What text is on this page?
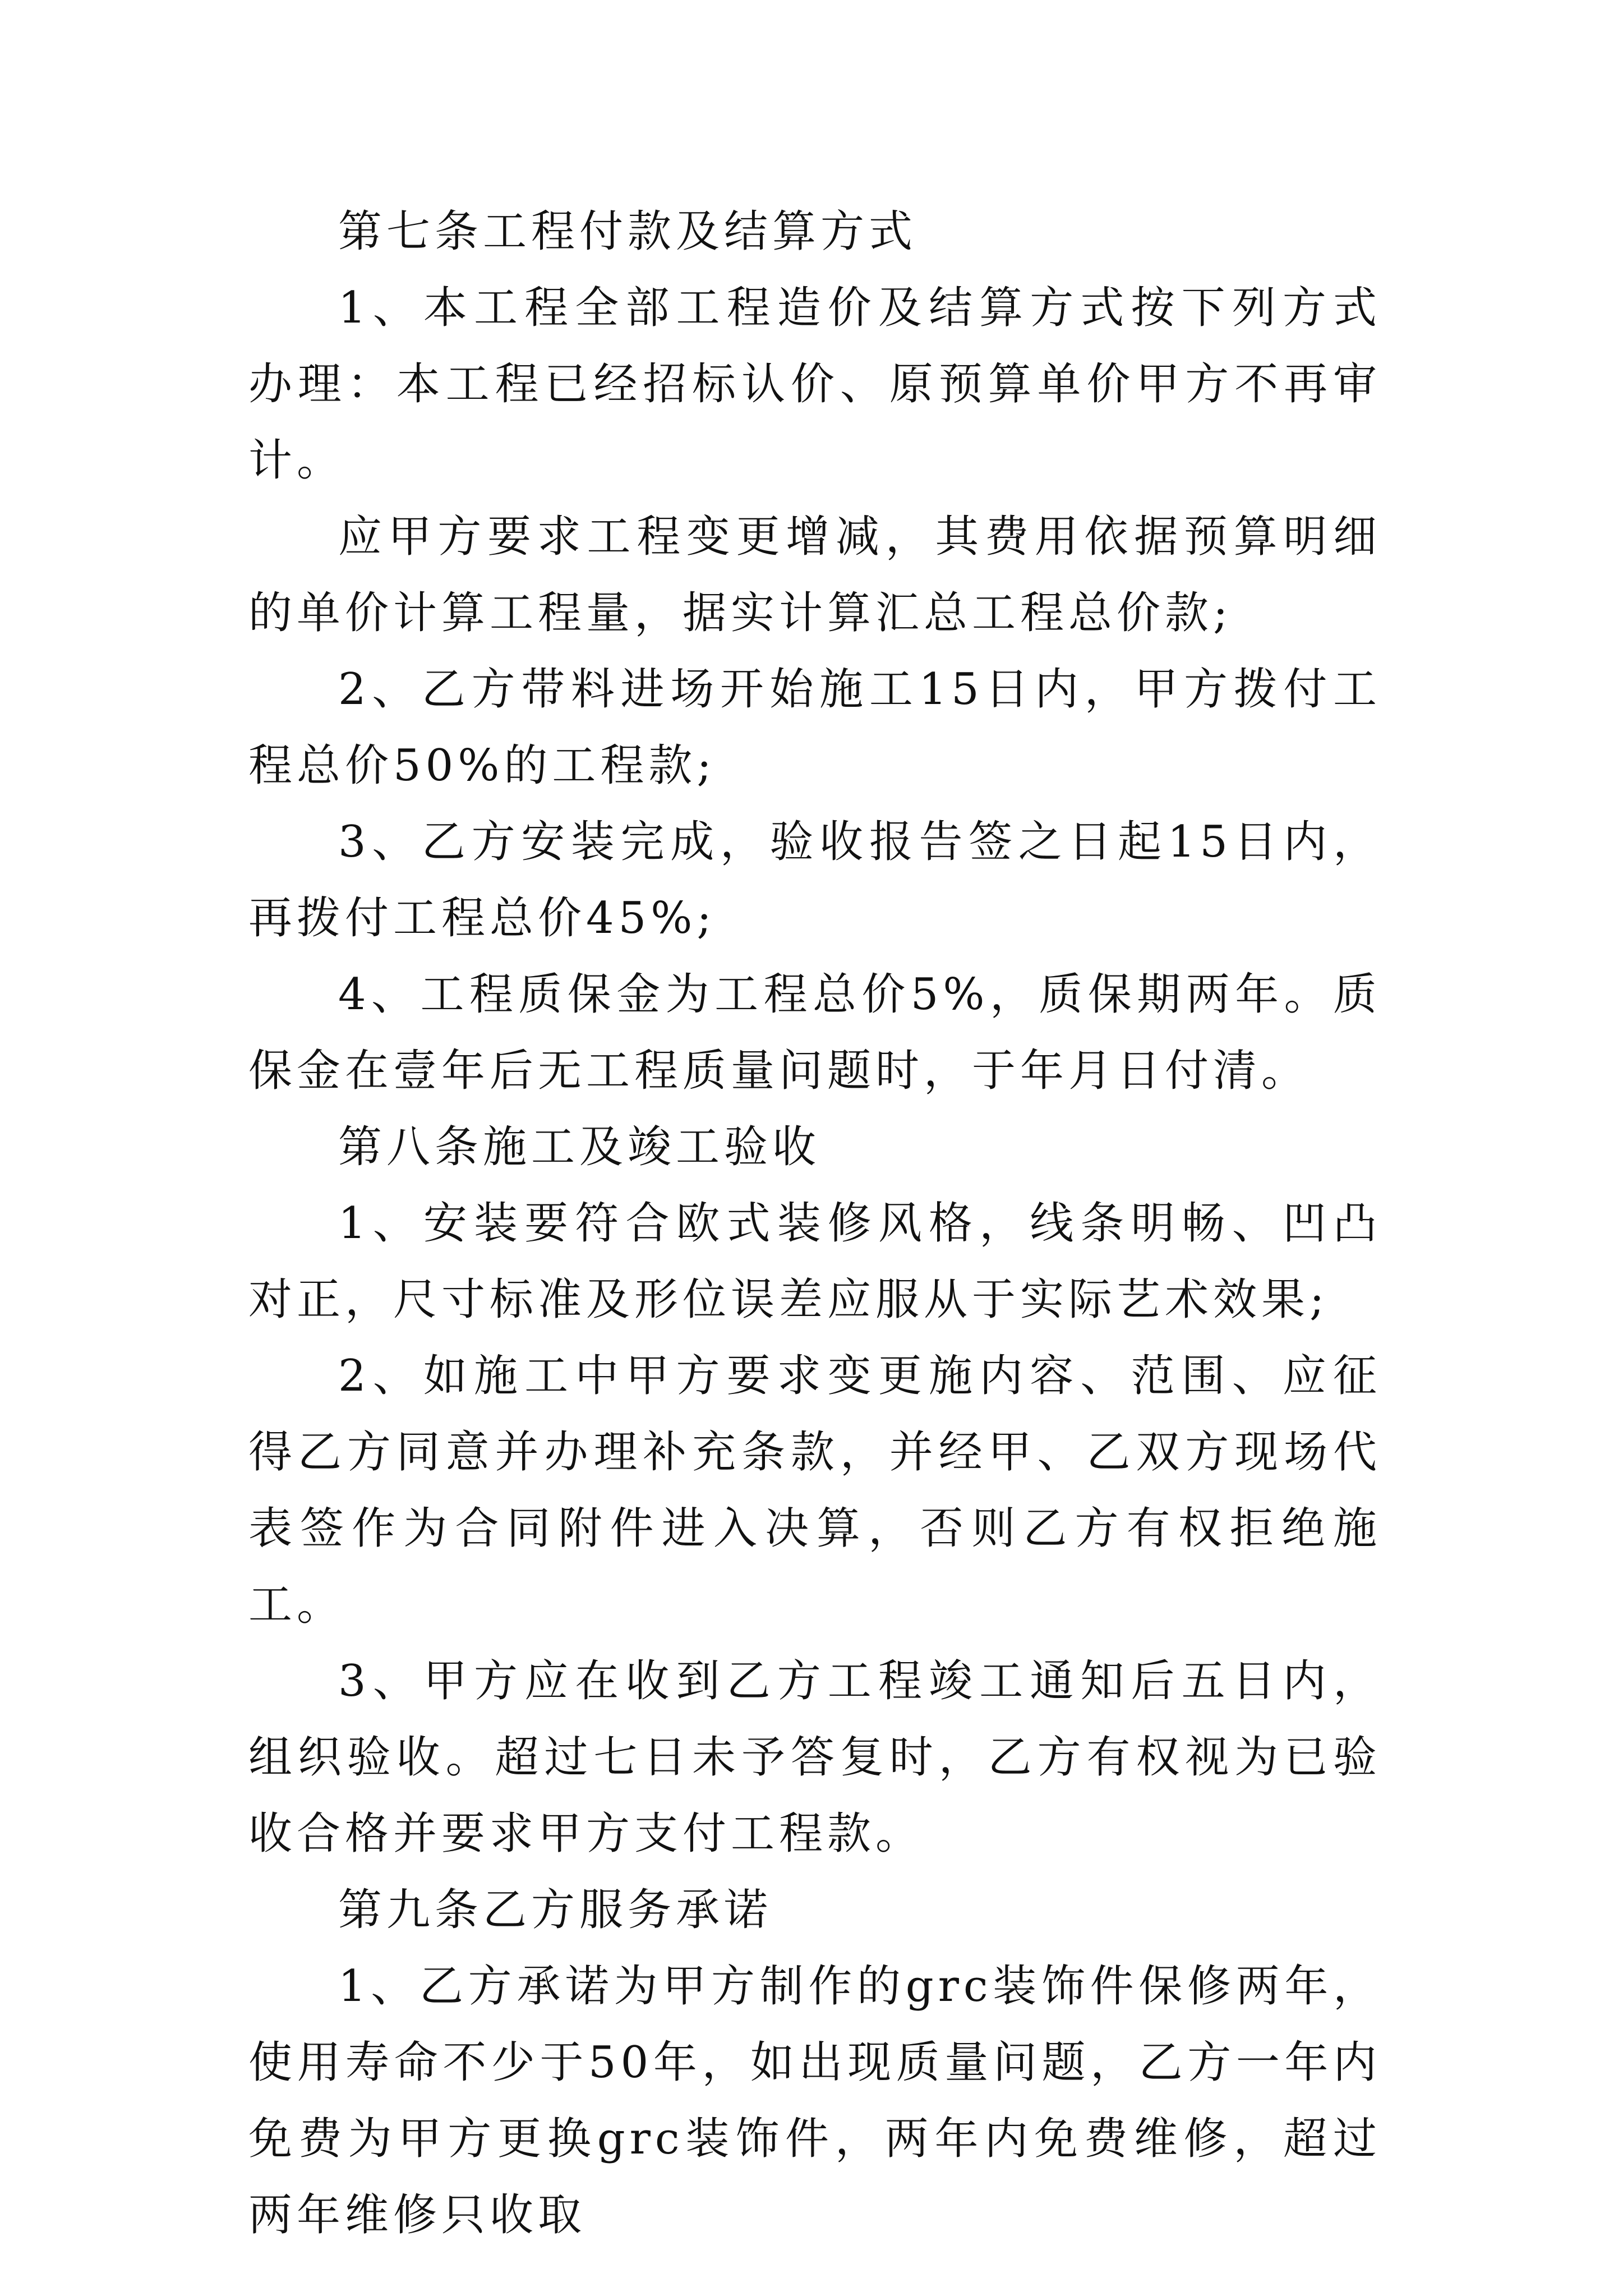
第七条工程付款及结算方式

1、本工程全部工程造价及结算方式按下列方式办理：本工程已经招标认价、原预算单价甲方不再审计。

应甲方要求工程变更增减，其费用依据预算明细的单价计算工程量，据实计算汇总工程总价款;

2、乙方带料进场开始施工15日内，甲方拨付工程总价50%的工程款;

3、乙方安装完成，验收报告签之日起15日内，再拨付工程总价45%;

4、工程质保金为工程总价5%，质保期两年。质保金在壹年后无工程质量问题时，于年月日付清。

第八条施工及竣工验收

1、安装要符合欧式装修风格，线条明畅、凹凸对正，尺寸标准及形位误差应服从于实际艺术效果;

2、如施工中甲方要求变更施内容、范围、应征得乙方同意并办理补充条款，并经甲、乙双方现场代表签作为合同附件进入决算，否则乙方有权拒绝施工。

3、甲方应在收到乙方工程竣工通知后五日内，组织验收。超过七日未予答复时，乙方有权视为已验收合格并要求甲方支付工程款。

第九条乙方服务承诺

1、乙方承诺为甲方制作的grc装饰件保修两年，使用寿命不少于50年，如出现质量问题，乙方一年内免费为甲方更换grc装饰件，两年内免费维修，超过两年维修只收取
